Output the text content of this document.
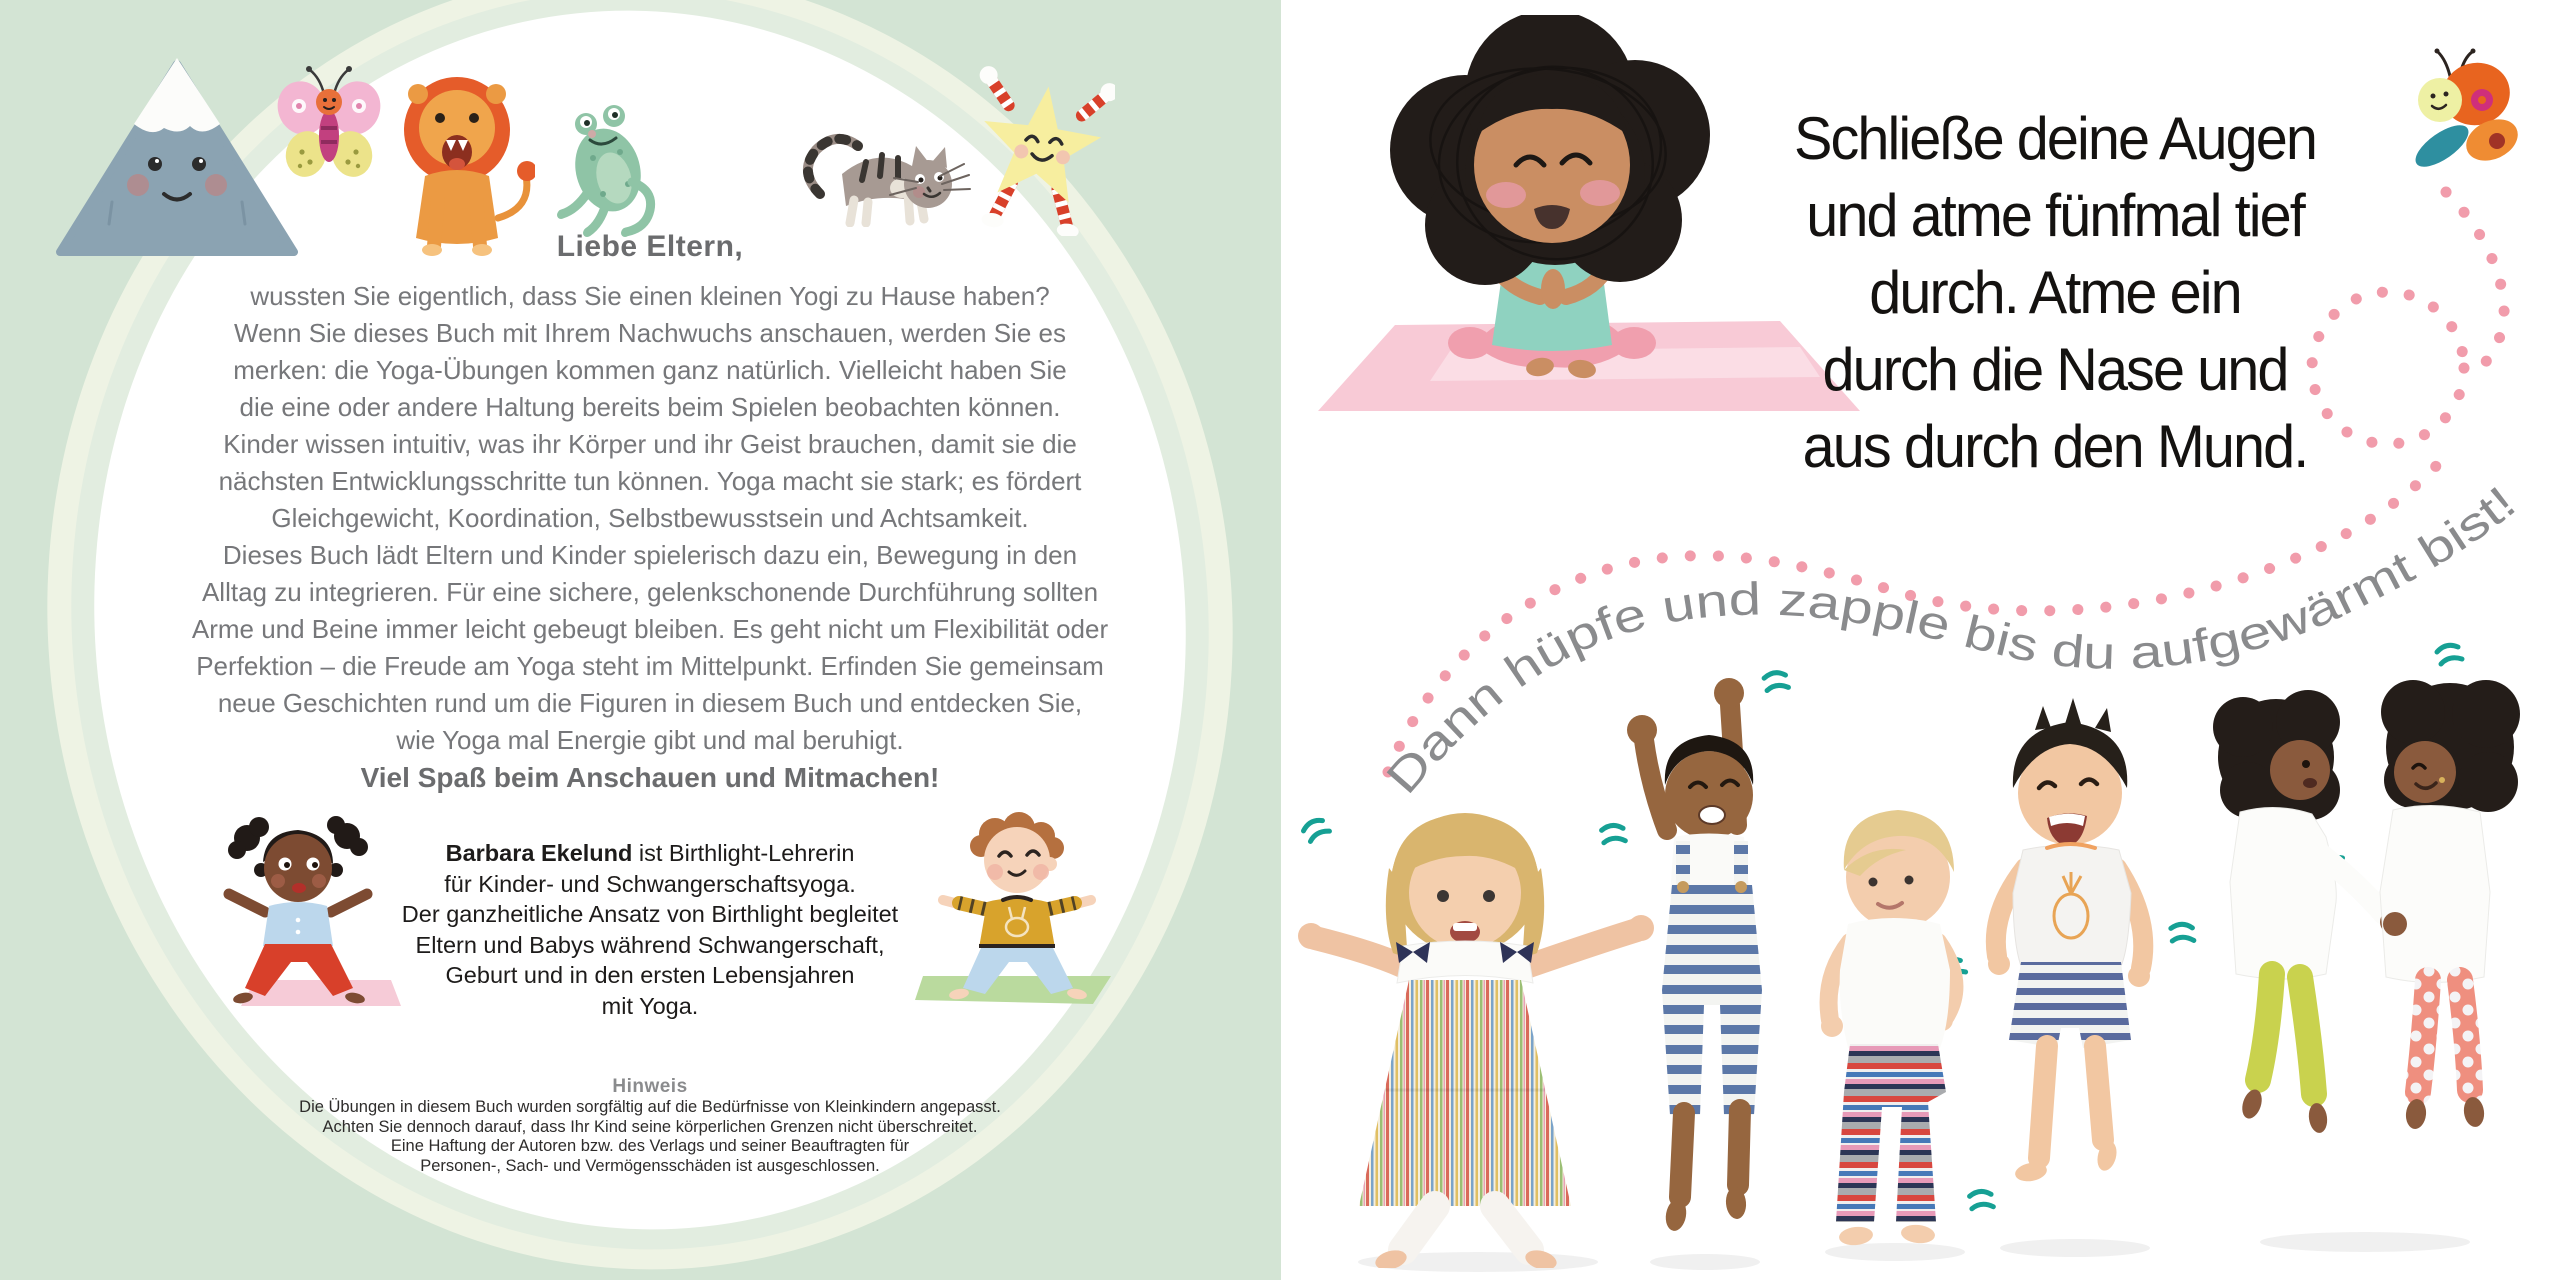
Liebe Eltern,
wussten Sie eigentlich, dass Sie einen kleinen Yogi zu Hause haben?
Wenn Sie dieses Buch mit Ihrem Nachwuchs anschauen, werden Sie es
merken: die Yoga-Übungen kommen ganz natürlich. Vielleicht haben Sie
die eine oder andere Haltung bereits beim Spielen beobachten können.
Kinder wissen intuitiv, was ihr Körper und ihr Geist brauchen, damit sie die
nächsten Entwicklungsschritte tun können. Yoga macht sie stark; es fördert
Gleichgewicht, Koordination, Selbstbewusstsein und Achtsamkeit.
Dieses Buch lädt Eltern und Kinder spielerisch dazu ein, Bewegung in den
Alltag zu integrieren. Für eine sichere, gelenkschonende Durchführung sollten
Arme und Beine immer leicht gebeugt bleiben. Es geht nicht um Flexibilität oder
Perfektion – die Freude am Yoga steht im Mittelpunkt. Erfinden Sie gemeinsam
neue Geschichten rund um die Figuren in diesem Buch und entdecken Sie,
wie Yoga mal Energie gibt und mal beruhigt.
Viel Spaß beim Anschauen und Mitmachen!
Barbara Ekelund ist Birthlight-Lehrerin
für Kinder- und Schwangerschaftsyoga.
Der ganzheitliche Ansatz von Birthlight begleitet
Eltern und Babys während Schwangerschaft,
Geburt und in den ersten Lebensjahren
mit Yoga.
Hinweis
Die Übungen in diesem Buch wurden sorgfältig auf die Bedürfnisse von Kleinkindern angepasst.
Achten Sie dennoch darauf, dass Ihr Kind seine körperlichen Grenzen nicht überschreitet.
Eine Haftung der Autoren bzw. des Verlags und seiner Beauftragten für
Personen-, Sach- und Vermögensschäden ist ausgeschlossen.
Schließe deine Augen
und atme fünfmal tief
durch. Atme ein
durch die Nase und
aus durch den Mund.
Dann hüpfe und zapple bis du aufgewärmt bist!
